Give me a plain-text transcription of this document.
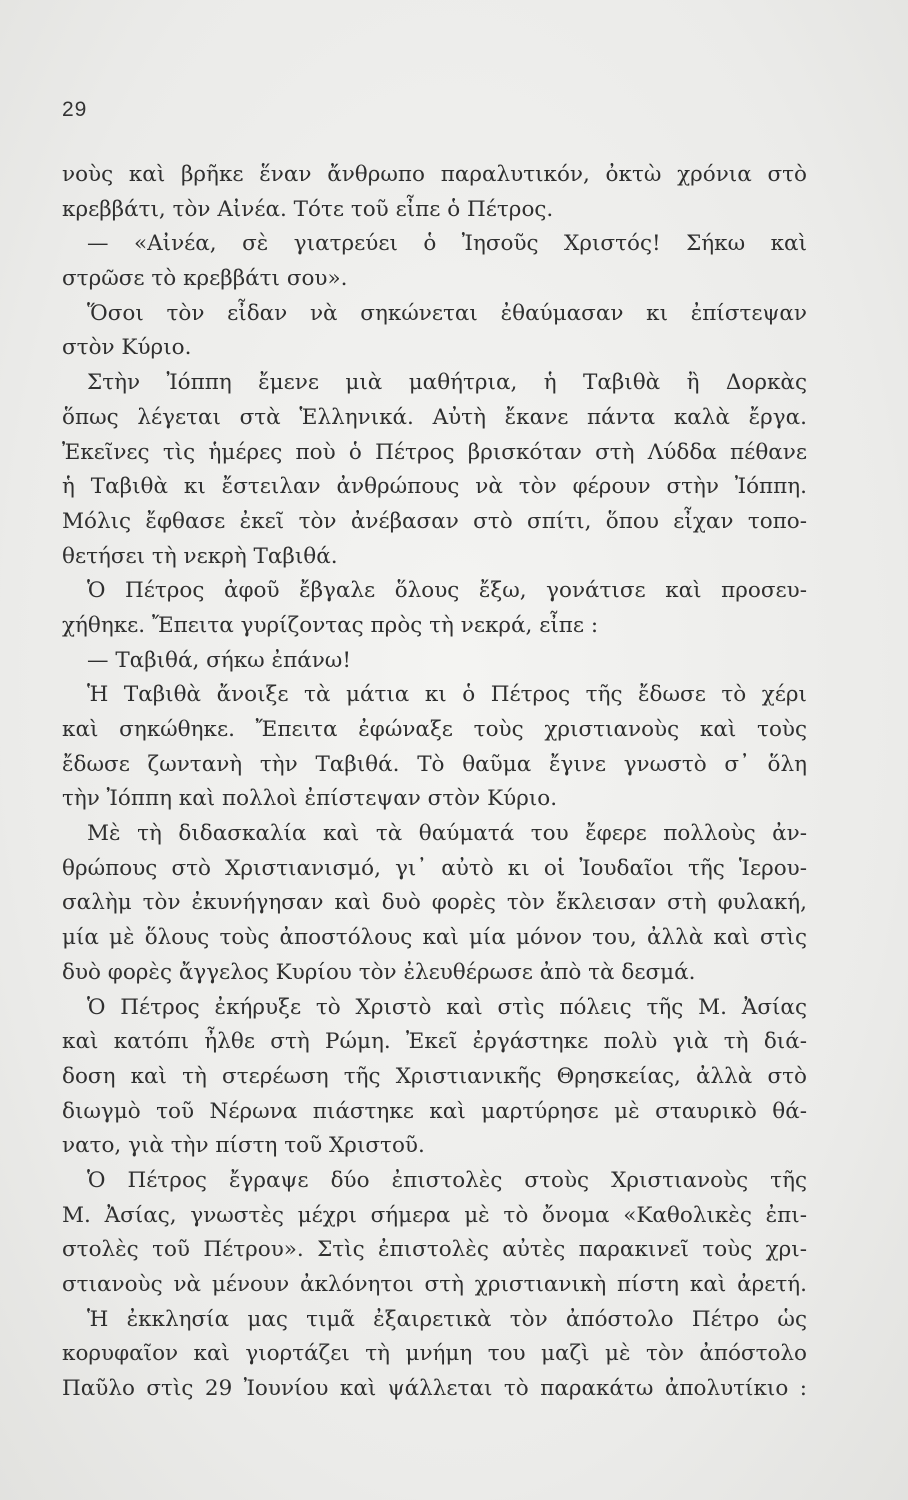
29
νοὺς καὶ βρῆκε ἕναν ἄνθρωπο παραλυτικόν, ὀκτὼ χρόνια στὸ
κρεββάτι, τὸν Αἰνέα. Τότε τοῦ εἶπε ὁ Πέτρος.
— «Αἰνέα, σὲ γιατρεύει ὁ Ἰησοῦς Χριστός! Σήκω καὶ
στρῶσε τὸ κρεββάτι σου».
Ὅσοι τὸν εἶδαν νὰ σηκώνεται ἐθαύμασαν κι ἐπίστεψαν
στὸν Κύριο.
Στὴν Ἰόππη ἔμενε μιὰ μαθήτρια, ἡ Ταβιθὰ ἢ Δορκὰς
ὅπως λέγεται στὰ Ἑλληνικά. Αὐτὴ ἔκανε πάντα καλὰ ἔργα.
Ἐκεῖνες τὶς ἡμέρες ποὺ ὁ Πέτρος βρισκόταν στὴ Λύδδα πέθανε
ἡ Ταβιθὰ κι ἔστειλαν ἀνθρώπους νὰ τὸν φέρουν στὴν Ἰόππη.
Μόλις ἔφθασε ἐκεῖ τὸν ἀνέβασαν στὸ σπίτι, ὅπου εἶχαν τοπο-
θετήσει τὴ νεκρὴ Ταβιθά.
Ὁ Πέτρος ἀφοῦ ἔβγαλε ὅλους ἔξω, γονάτισε καὶ προσευ-
χήθηκε. Ἔπειτα γυρίζοντας πρὸς τὴ νεκρά, εἶπε :
— Ταβιθά, σήκω ἐπάνω!
Ἡ Ταβιθὰ ἄνοιξε τὰ μάτια κι ὁ Πέτρος τῆς ἔδωσε τὸ χέρι
καὶ σηκώθηκε. Ἔπειτα ἐφώναξε τοὺς χριστιανοὺς καὶ τοὺς
ἔδωσε ζωντανὴ τὴν Ταβιθά. Τὸ θαῦμα ἔγινε γνωστὸ σ᾿ ὅλη
τὴν Ἰόππη καὶ πολλοὶ ἐπίστεψαν στὸν Κύριο.
Μὲ τὴ διδασκαλία καὶ τὰ θαύματά του ἔφερε πολλοὺς ἀν-
θρώπους στὸ Χριστιανισμό, γι᾿ αὐτὸ κι οἱ Ἰουδαῖοι τῆς Ἱερου-
σαλὴμ τὸν ἐκυνήγησαν καὶ δυὸ φορὲς τὸν ἔκλεισαν στὴ φυλακή,
μία μὲ ὅλους τοὺς ἀποστόλους καὶ μία μόνον του, ἀλλὰ καὶ στὶς
δυὸ φορὲς ἄγγελος Κυρίου τὸν ἐλευθέρωσε ἀπὸ τὰ δεσμά.
Ὁ Πέτρος ἐκήρυξε τὸ Χριστὸ καὶ στὶς πόλεις τῆς Μ. Ἀσίας
καὶ κατόπι ἦλθε στὴ Ρώμη. Ἐκεῖ ἐργάστηκε πολὺ γιὰ τὴ διά-
δοση καὶ τὴ στερέωση τῆς Χριστιανικῆς Θρησκείας, ἀλλὰ στὸ
διωγμὸ τοῦ Νέρωνα πιάστηκε καὶ μαρτύρησε μὲ σταυρικὸ θά-
νατο, γιὰ τὴν πίστη τοῦ Χριστοῦ.
Ὁ Πέτρος ἔγραψε δύο ἐπιστολὲς στοὺς Χριστιανοὺς τῆς
Μ. Ἀσίας, γνωστὲς μέχρι σήμερα μὲ τὸ ὄνομα «Καθολικὲς ἐπι-
στολὲς τοῦ Πέτρου». Στὶς ἐπιστολὲς αὐτὲς παρακινεῖ τοὺς χρι-
στιανοὺς νὰ μένουν ἀκλόνητοι στὴ χριστιανικὴ πίστη καὶ ἀρετή.
Ἡ ἐκκλησία μας τιμᾶ ἐξαιρετικὰ τὸν ἀπόστολο Πέτρο ὡς
κορυφαῖον καὶ γιορτάζει τὴ μνήμη του μαζὶ μὲ τὸν ἀπόστολο
Παῦλο στὶς 29 Ἰουνίου καὶ ψάλλεται τὸ παρακάτω ἀπολυτίκιο :
